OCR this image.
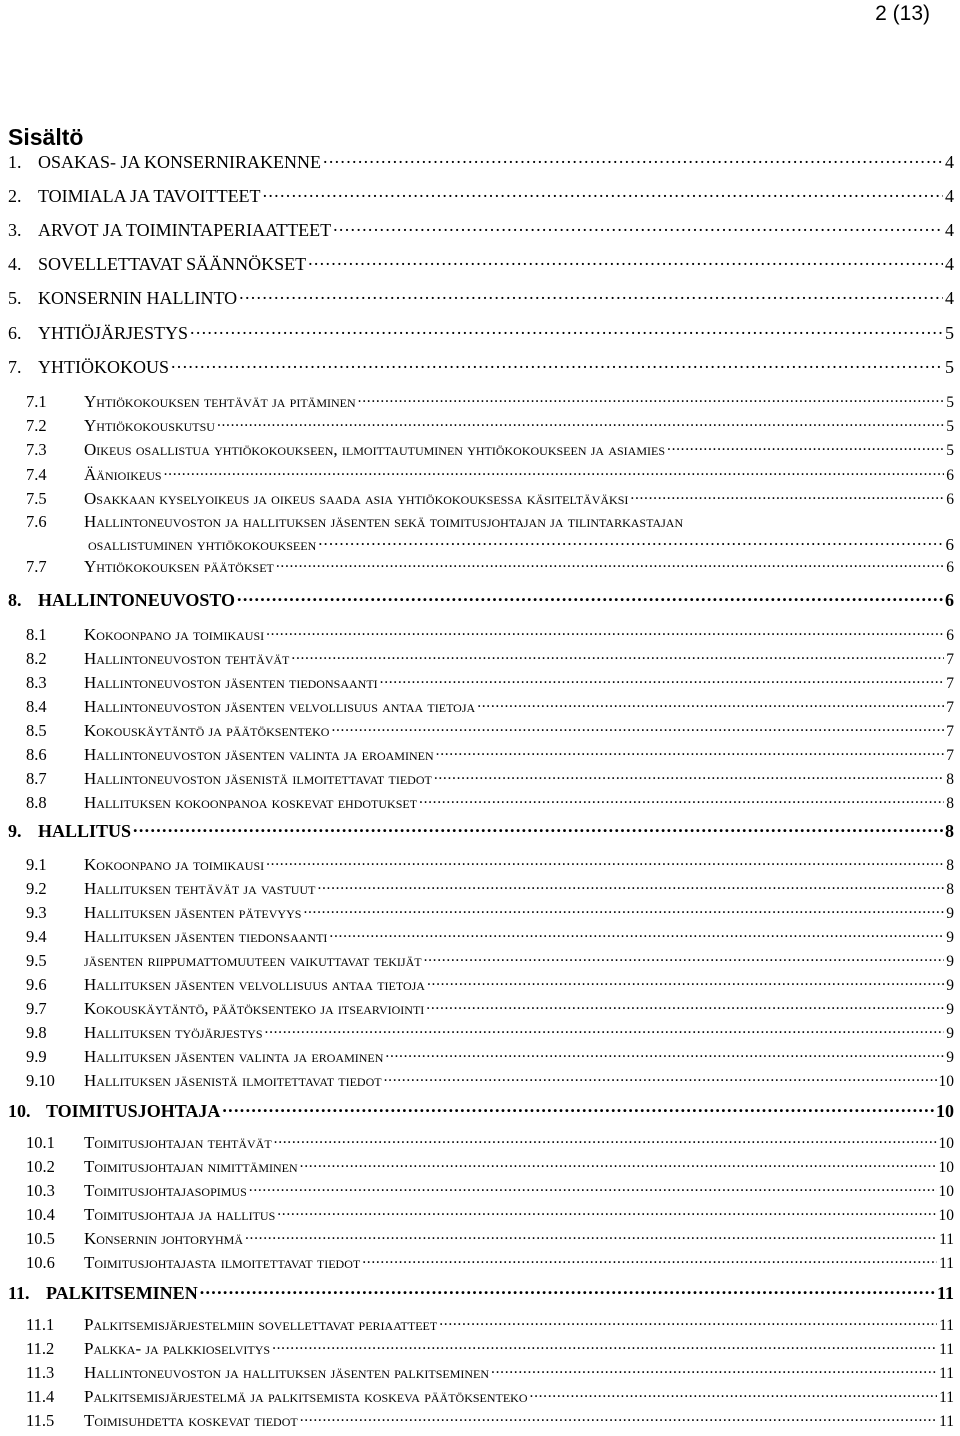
2 (13)
Sisältö
1. OSAKAS- JA KONSERNIRAKENNE . . .	4
2. TOIMIALA JA TAVOITTEET . . .	4
3. ARVOT JA TOIMINTAPERIAATTEET . . .	4
4. SOVELLETTAVAT SÄÄNNÖKSET . . .	4
5. KONSERNIN HALLINTO . . .	4
6. YHTIÖJÄRJESTYS . . .	5
7. YHTIÖKOKOUS . . .	5
7.1	Yhtiökokouksen tehtävät ja pitäminen . . .	5
7.2	Yhtiökokouskutsu . . .	5
7.3	Oikeus osallistua yhtiökokoukseen, ilmoittautuminen yhtiökokoukseen ja asiamies . . .	5
7.4	Äänioikeus . . .	6
7.5	Osakkaan kyselyoikeus ja oikeus saada asia yhtiökokouksessa käsiteltäväksi . . .	6
7.6	Hallintoneuvoston ja hallituksen jäsenten sekä toimitusjohtajan ja tilintarkastajan
osallistuminen yhtiökokoukseen . . .	6
7.7	Yhtiökokouksen päätökset . . .	6
8. HALLINTONEUVOSTO . . .	6
8.1	Kokoonpano ja toimikausi . . .	6
8.2	Hallintoneuvoston tehtävät . . .	7
8.3	Hallintoneuvoston jäsenten tiedonsaanti . . .	7
8.4	Hallintoneuvoston jäsenten velvollisuus antaa tietoja . . .	7
8.5	Kokouskäytäntö ja päätöksenteko . . .	7
8.6	Hallintoneuvoston jäsenten valinta ja eroaminen . . .	7
8.7	Hallintoneuvoston jäsenistä ilmoitettavat tiedot . . .	8
8.8	Hallituksen kokoonpanoa koskevat ehdotukset . . .	8
9. HALLITUS . . .	8
9.1	Kokoonpano ja toimikausi . . .	8
9.2	Hallituksen tehtävät ja vastuut . . .	8
9.3	Hallituksen jäsenten pätevyys . . .	9
9.4	Hallituksen jäsenten tiedonsaanti . . .	9
9.5	jäsenten riippumattomuuteen vaikuttavat tekijät . . .	9
9.6	Hallituksen jäsenten velvollisuus antaa tietoja . . .	9
9.7	Kokouskäytäntö, päätöksenteko ja itsearviointi . . .	9
9.8	Hallituksen työjärjestys . . .	9
9.9	Hallituksen jäsenten valinta ja eroaminen . . .	9
9.10	Hallituksen jäsenistä ilmoitettavat tiedot . . .	10
10. TOIMITUSJOHTAJA . . .	10
10.1	Toimitusjohtajan tehtävät . . .	10
10.2	Toimitusjohtajan nimittäminen . . .	10
10.3	Toimitusjohtajasopimus . . .	10
10.4	Toimitusjohtaja ja hallitus . . .	10
10.5	Konsernin johtoryhmä . . .	11
10.6	Toimitusjohtajasta ilmoitettavat tiedot . . .	11
11. PALKITSEMINEN . . .	11
11.1	Palkitsemisjärjestelmiin sovellettavat periaatteet . . .	11
11.2	Palkka- ja palkkioselvitys . . .	11
11.3	Hallintoneuvoston ja hallituksen jäsenten palkitseminen . . .	11
11.4	Palkitsemisjärjestelmä ja palkitsemista koskeva päätöksenteko . . .	11
11.5	Toimisuhdetta koskevat tiedot . . .	11
